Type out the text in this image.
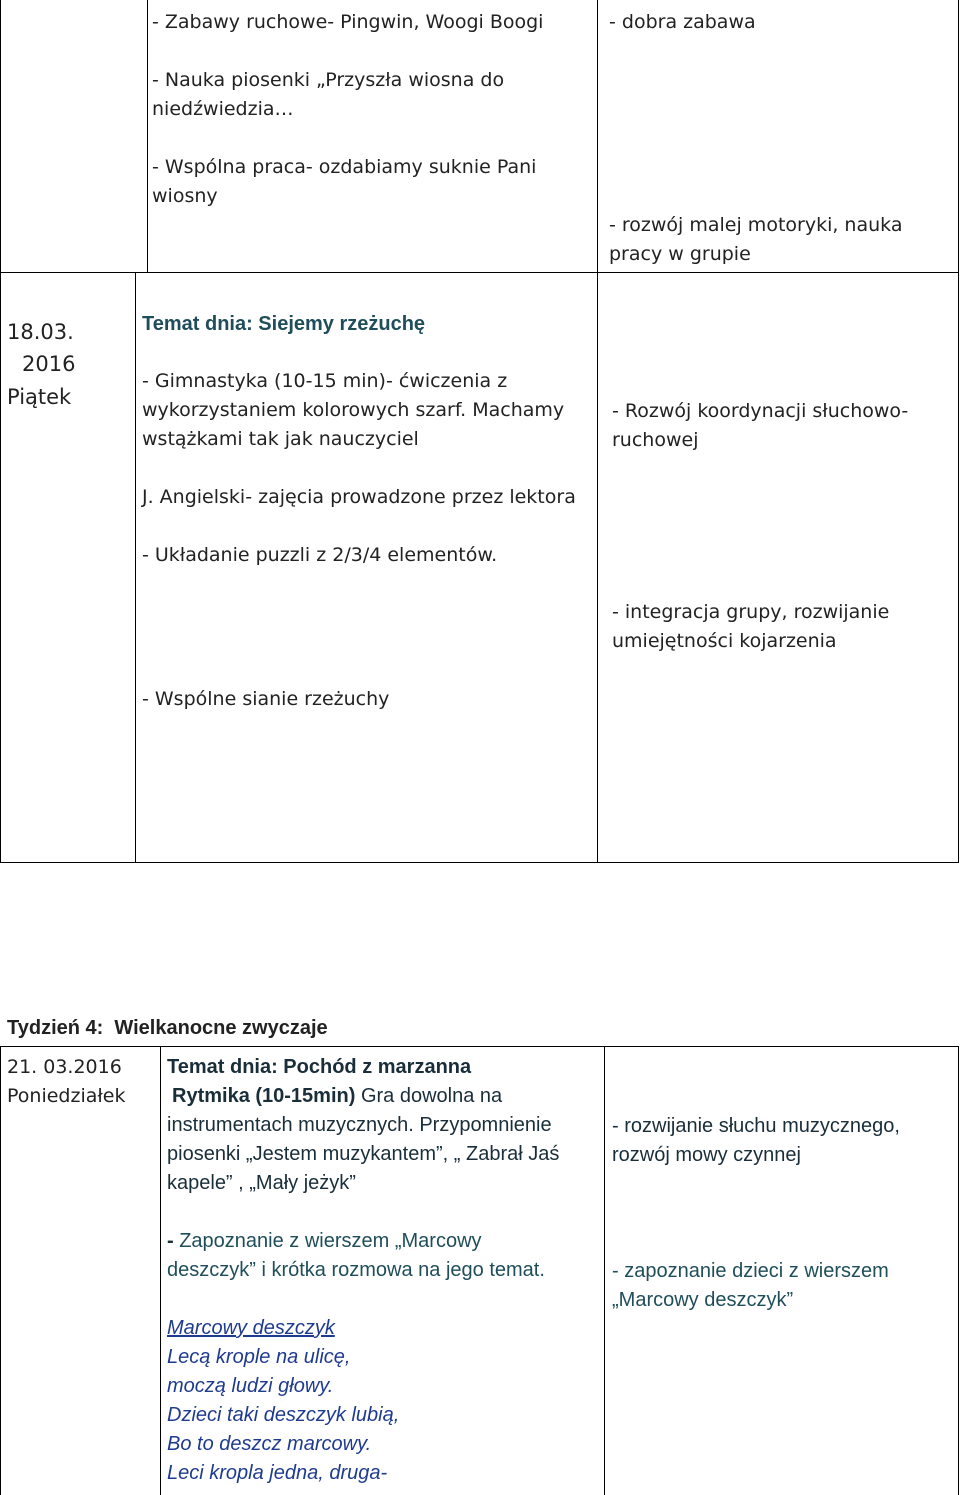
- Zabawy ruchowe- Pingwin, Woogi Boogi
- Nauka piosenki „Przyszła wiosna do
niedźwiedzia…
- Wspólna praca- ozdabiamy suknie Pani
wiosny
- dobra zabawa
- rozwój malej motoryki, nauka
pracy w grupie
18.03.
2016
Piątek
Temat dnia: Siejemy rzeżuchę
- Gimnastyka (10-15 min)- ćwiczenia z
wykorzystaniem kolorowych szarf. Machamy
wstążkami tak jak nauczyciel
J. Angielski- zajęcia prowadzone przez lektora
- Układanie puzzli z 2/3/4 elementów.
- Wspólne sianie rzeżuchy
- Rozwój koordynacji słuchowo-
ruchowej
- integracja grupy, rozwijanie
umiejętności kojarzenia
Tydzień 4:  Wielkanocne zwyczaje
21. 03.2016
Poniedziałek
Temat dnia: Pochód z marzanna
Rytmika (10-15min) Gra dowolna na
instrumentach muzycznych. Przypomnienie
piosenki „Jestem muzykantem”, „ Zabrał Jaś
kapele” , „Mały jeżyk”
- Zapoznanie z wierszem „Marcowy
deszczyk” i krótka rozmowa na jego temat.
Marcowy deszczyk
Lecą krople na ulicę,
moczą ludzi głowy.
Dzieci taki deszczyk lubią,
Bo to deszcz marcowy.
Leci kropla jedna, druga-
- rozwijanie słuchu muzycznego,
rozwój mowy czynnej
- zapoznanie dzieci z wierszem
„Marcowy deszczyk”
